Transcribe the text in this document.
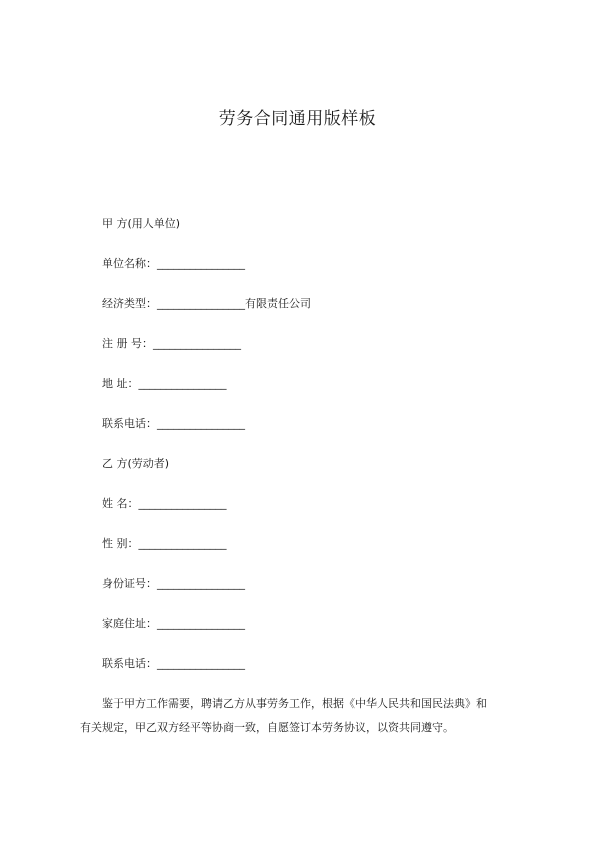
劳务合同通用版样板
甲 方(用人单位)
单位名称：________________
经济类型：________________有限责任公司
注 册 号：________________
地 址：________________
联系电话：________________
乙 方(劳动者)
姓 名：________________
性 别：________________
身份证号：________________
家庭住址：________________
联系电话：________________
鉴于甲方工作需要，聘请乙方从事劳务工作，根据《中华人民共和国民法典》和
有关规定，甲乙双方经平等协商一致，自愿签订本劳务协议，以资共同遵守。
